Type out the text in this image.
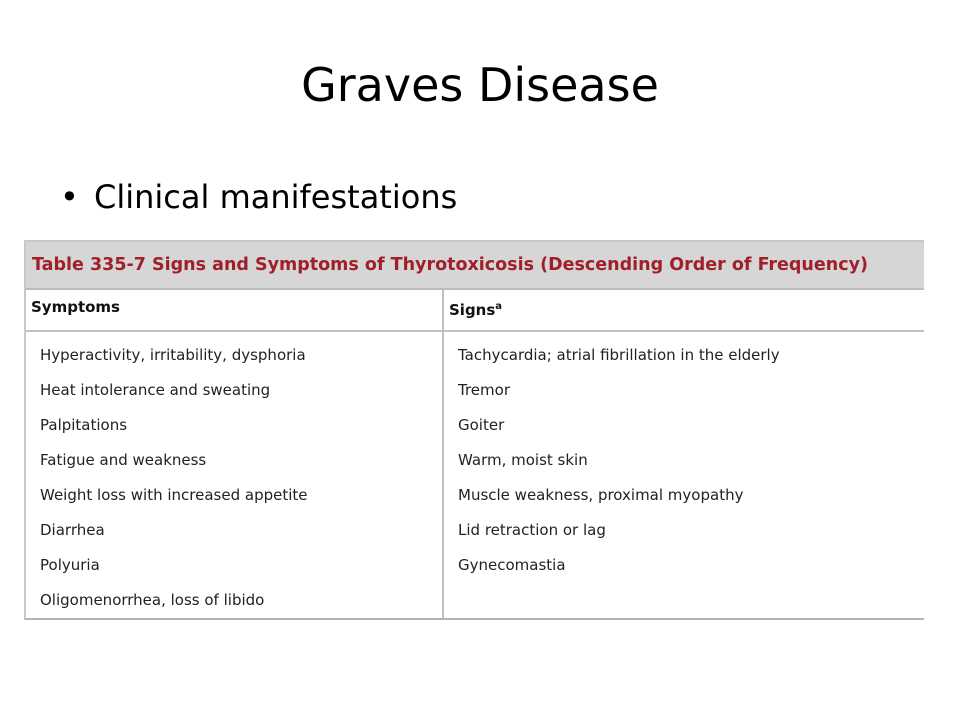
Graves Disease
• Clinical manifestations
Table 335-7 Signs and Symptoms of Thyrotoxicosis (Descending Order of Frequency)
Symptoms
Hyperactivity, irritability, dysphoria
Heat intolerance and sweating
Palpitations
Fatigue and weakness
Weight loss with increased appetite
Diarrhea
Polyuria
Oligomenorrhea, loss of libido
Signs$^a$
Tachycardia; atrial fibrillation in the elderly
Tremor
Goiter
Warm, moist skin
Muscle weakness, proximal myopathy
Lid retraction or lag
Gynecomastia
